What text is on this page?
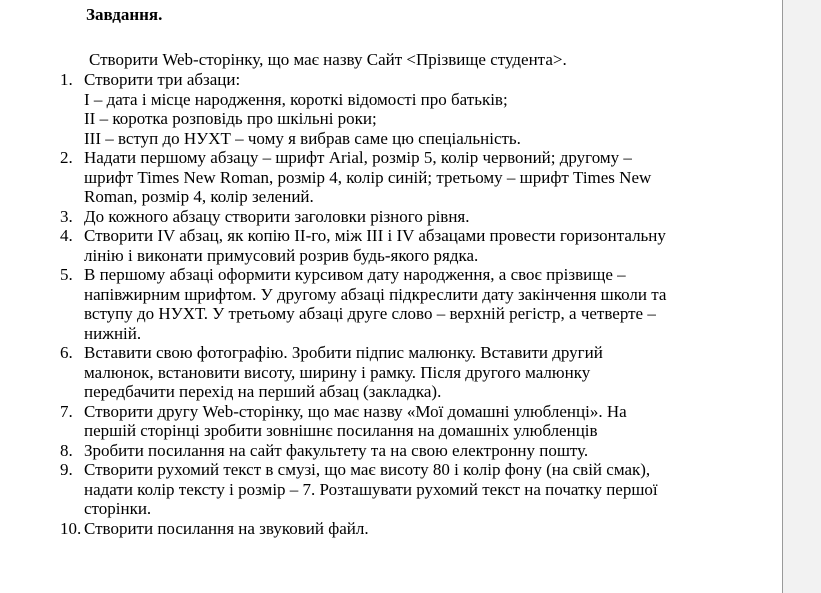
Завдання.

Створити Web-сторінку, що має назву Сайт <Прізвище студента>.

1. Створити три абзаци:
І – дата і місце народження, короткі відомості про батьків;
ІІ – коротка розповідь про шкільні роки;
ІІІ – вступ до НУХТ – чому я вибрав саме цю спеціальність.
2. Надати першому абзацу – шрифт Arial, розмір 5, колір червоний; другому –
шрифт Times New Roman, розмір 4, колір синій; третьому – шрифт Times New
Roman, розмір 4, колір зелений.
3. До кожного абзацу створити заголовки різного рівня.
4. Створити IV абзац, як копію ІІ-го, між ІІІ і IV абзацами провести горизонтальну
лінію і виконати примусовий розрив будь-якого рядка.
5. В першому абзаці оформити курсивом дату народження, а своє прізвище –
напівжирним шрифтом. У другому абзаці підкреслити дату закінчення школи та
вступу до НУХТ. У третьому абзаці друге слово – верхній регістр, а четверте –
нижній.
6. Вставити свою фотографію. Зробити підпис малюнку. Вставити другий
малюнок, встановити висоту, ширину і рамку. Після другого малюнку
передбачити перехід на перший абзац (закладка).
7. Створити другу Web-сторінку, що має назву «Мої домашні улюбленці». На
першій сторінці зробити зовнішнє посилання на домашніх улюбленців
8. Зробити посилання на сайт факультету та на свою електронну пошту.
9. Створити рухомий текст в смузі, що має висоту 80 і колір фону (на свій смак),
надати колір тексту і розмір – 7. Розташувати рухомий текст на початку першої
сторінки.
10. Створити посилання на звуковий файл.
